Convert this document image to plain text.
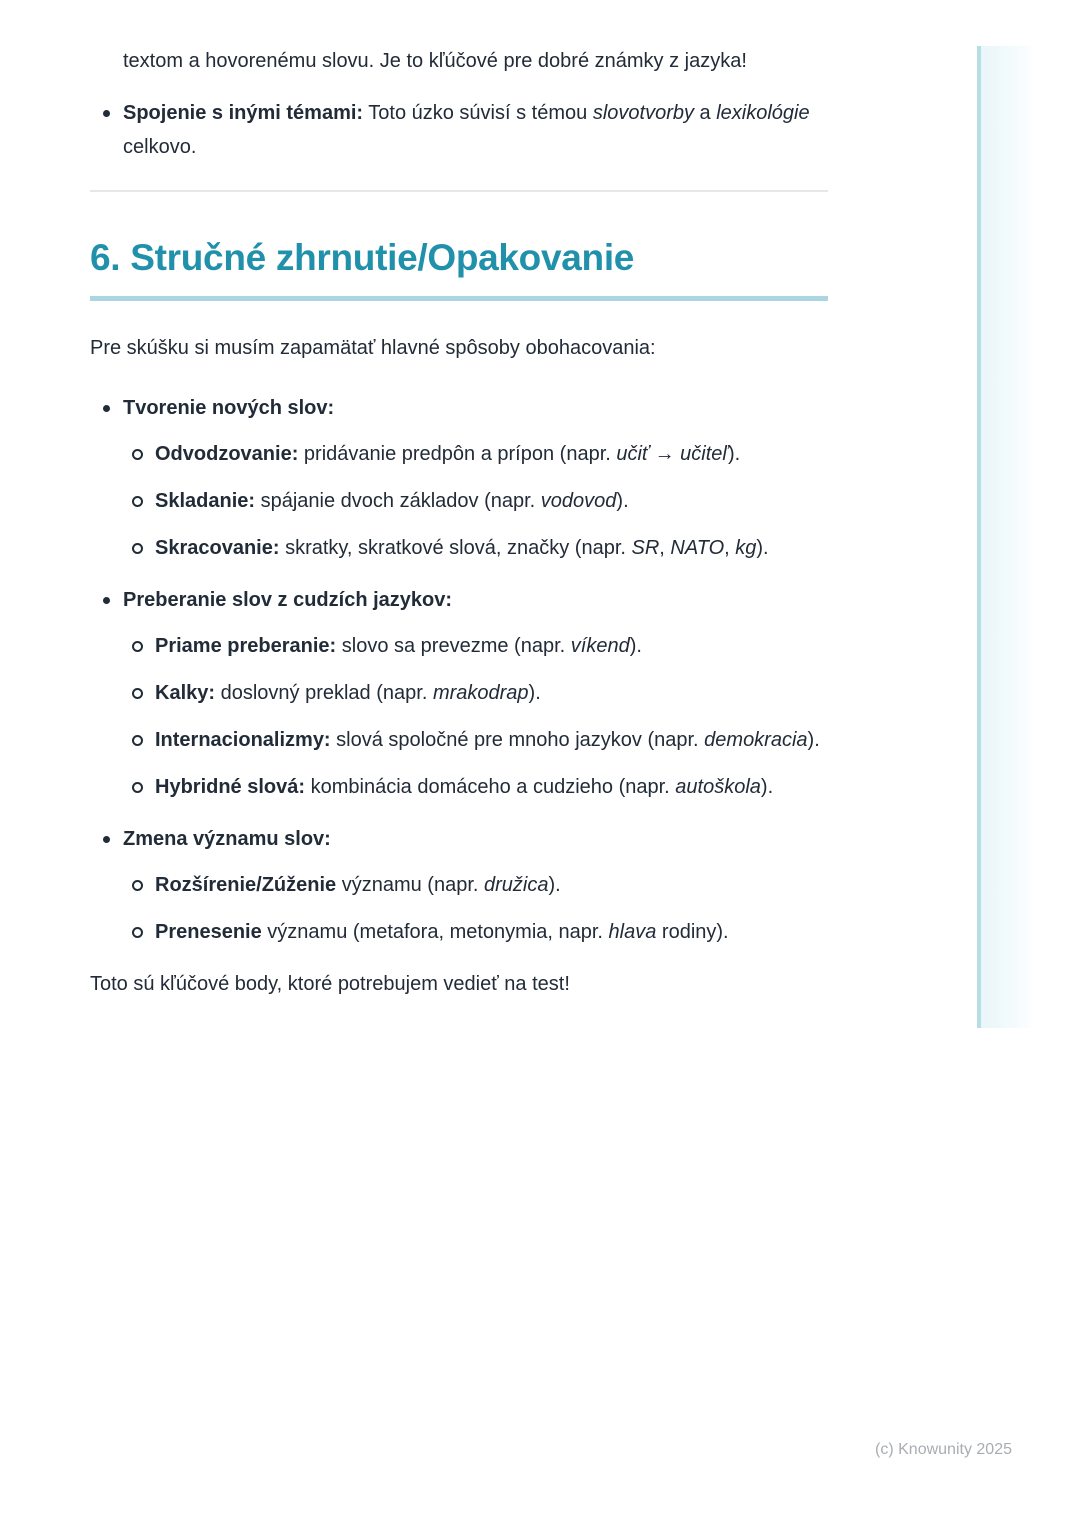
textom a hovorenému slovu. Je to kľúčové pre dobré známky z jazyka!

Spojenie s inými témami: Toto úzko súvisí s témou slovotvorby a lexikológie celkovo.
6. Stručné zhrnutie/Opakovanie

Pre skúšku si musím zapamätať hlavné spôsoby obohacovania:

Tvorenie nových slov:
Odvodzovanie: pridávanie predpôn a prípon (napr. učiť → učiteľ).
Skladanie: spájanie dvoch základov (napr. vodovod).
Skracovanie: skratky, skratkové slová, značky (napr. SR, NATO, kg).
Preberanie slov z cudzích jazykov:
Priame preberanie: slovo sa prevezme (napr. víkend).
Kalky: doslovný preklad (napr. mrakodrap).
Internacionalizmy: slová spoločné pre mnoho jazykov (napr. demokracia).
Hybridné slová: kombinácia domáceho a cudzieho (napr. autoškola).
Zmena významu slov:
Rozšírenie/Zúženie významu (napr. družica).
Prenesenie významu (metafora, metonymia, napr. hlava rodiny).

Toto sú kľúčové body, ktoré potrebujem vedieť na test!

(c) Knowunity 2025
